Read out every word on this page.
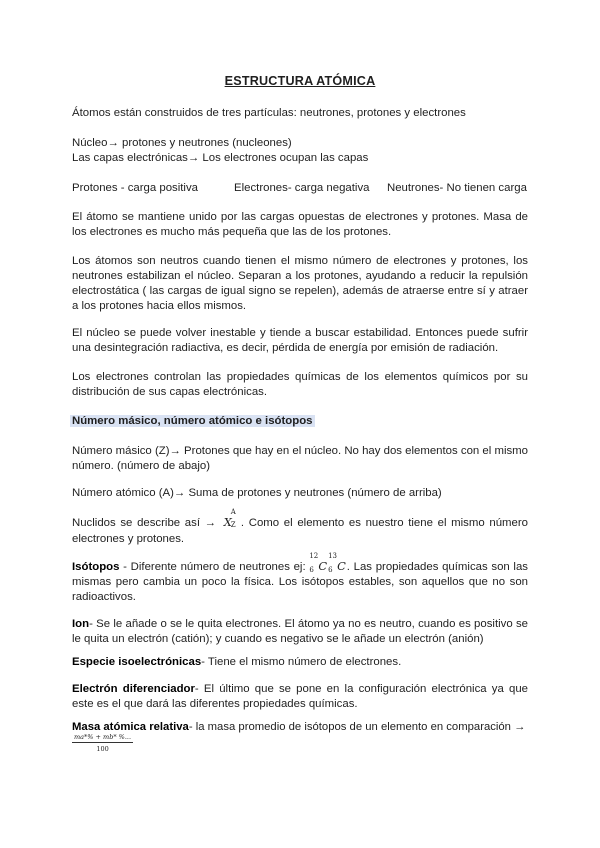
ESTRUCTURA ATÓMICA

Átomos están construidos de tres partículas: neutrones, protones y electrones

Núcleo→ protones y neutrones (nucleones)

Las capas electrónicas→ Los electrones ocupan las capas

Protones - carga positiva	Electrones- carga negativa	Neutrones- No tienen carga

El átomo se mantiene unido por las cargas opuestas de electrones y protones. Masa de los electrones es mucho más pequeña que las de los protones.

Los átomos son neutros cuando tienen el mismo número de electrones y protones, los neutrones estabilizan el núcleo. Separan a los protones, ayudando a reducir la repulsión electrostática ( las cargas de igual signo se repelen), además de atraerse entre sí y atraer a los protones hacia ellos mismos.

El núcleo se puede volver inestable y tiende a buscar estabilidad. Entonces puede sufrir una desintegración radiactiva, es decir, pérdida de energía por emisión de radiación.

Los electrones controlan las propiedades químicas de los elementos químicos por su distribución de sus capas electrónicas.

Número másico, número atómico e isótopos

Número másico (Z)→ Protones que hay en el núcleo. No hay dos elementos con el mismo número. (número de abajo)

Número atómico (A)→ Suma de protones y neutrones (número de arriba)

Nuclidos se describe así → X
A
Z . Como el elemento es nuestro tiene el mismo número electrones y protones.

Isótopos - Diferente número de neutrones ej:
12
6 C
13
6 C. Las propiedades químicas son las mismas pero cambia un poco la física. Los isótopos estables, son aquellos que no son radioactivos.

Ion- Se le añade o se le quita electrones. El átomo ya no es neutro, cuando es positivo se le quita un electrón (catión); y cuando es negativo se le añade un electrón (anión)

Especie isoelectrónicas- Tiene el mismo número de electrones.

Electrón diferenciador- El último que se pone en la configuración electrónica ya que este es el que dará las diferentes propiedades químicas.

Masa atómica relativa- la masa promedio de isótopos de un elemento en comparación →

$\frac{ma*\% + mb* \%...}{100}$
